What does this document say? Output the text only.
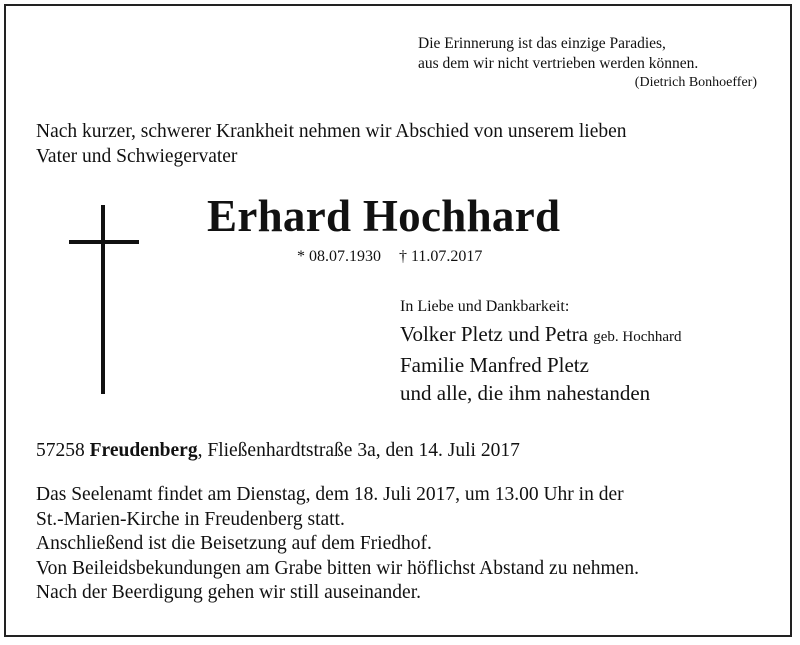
Die Erinnerung ist das einzige Paradies,
aus dem wir nicht vertrieben werden können.
(Dietrich Bonhoeffer)
Nach kurzer, schwerer Krankheit nehmen wir Abschied von unserem lieben
Vater und Schwiegervater
Erhard Hochhard
* 08.07.1930 † 11.07.2017
In Liebe und Dankbarkeit:
Volker Pletz und Petra geb. Hochhard
Familie Manfred Pletz
und alle, die ihm nahestanden
57258 Freudenberg, Fließenhardtstraße 3a, den 14. Juli 2017
Das Seelenamt findet am Dienstag, dem 18. Juli 2017, um 13.00 Uhr in der
St.-Marien-Kirche in Freudenberg statt.
Anschließend ist die Beisetzung auf dem Friedhof.
Von Beileidsbekundungen am Grabe bitten wir höflichst Abstand zu nehmen.
Nach der Beerdigung gehen wir still auseinander.
